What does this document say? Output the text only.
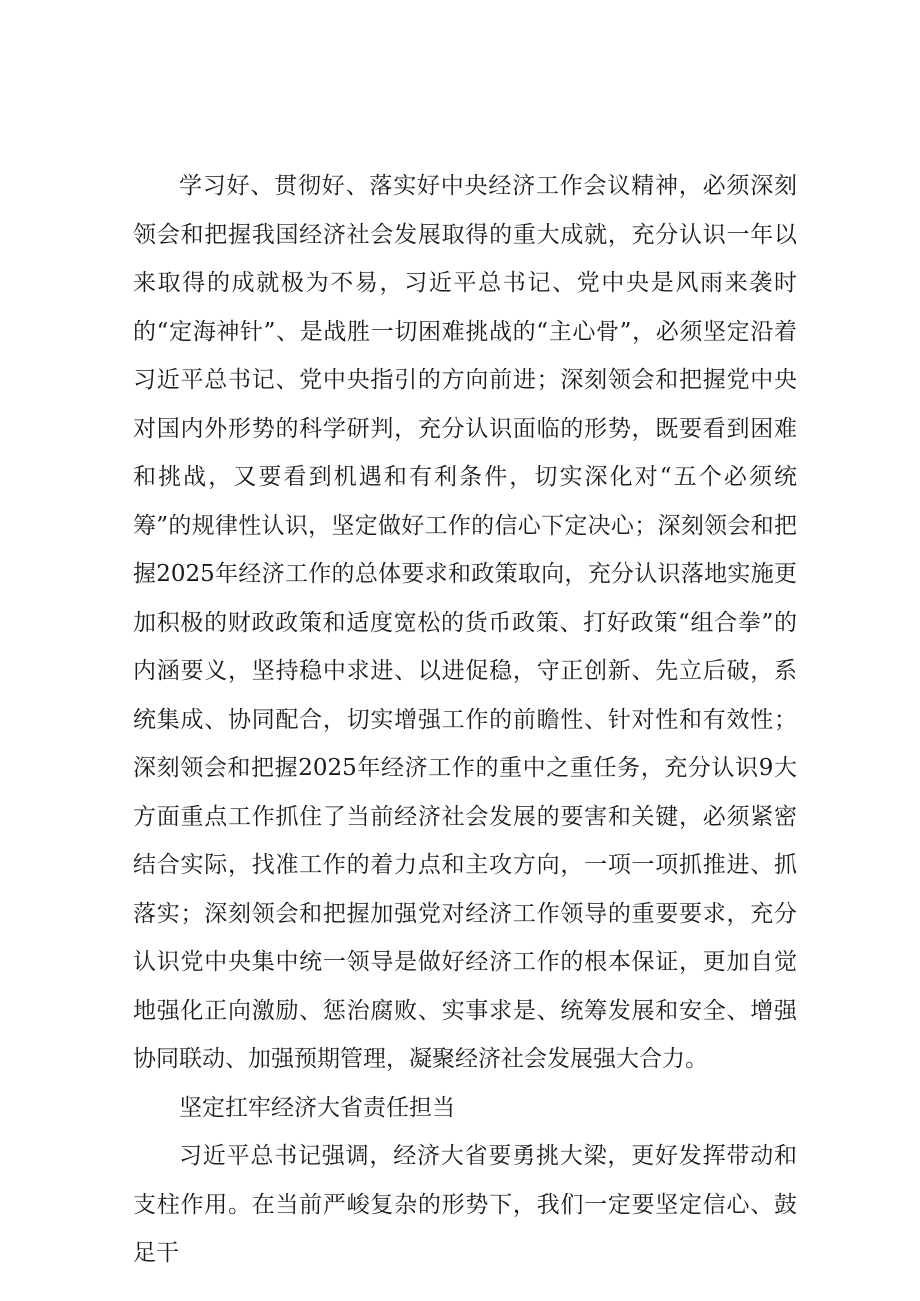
学习好、贯彻好、落实好中央经济工作会议精神，必须深刻领会和把握我国经济社会发展取得的重大成就，充分认识一年以来取得的成就极为不易，习近平总书记、党中央是风雨来袭时的“定海神针”、是战胜一切困难挑战的“主心骨”，必须坚定沿着习近平总书记、党中央指引的方向前进；深刻领会和把握党中央对国内外形势的科学研判，充分认识面临的形势，既要看到困难和挑战，又要看到机遇和有利条件，切实深化对“五个必须统筹”的规律性认识，坚定做好工作的信心下定决心；深刻领会和把握2025年经济工作的总体要求和政策取向，充分认识落地实施更加积极的财政政策和适度宽松的货币政策、打好政策“组合拳”的内涵要义，坚持稳中求进、以进促稳，守正创新、先立后破，系统集成、协同配合，切实增强工作的前瞻性、针对性和有效性；深刻领会和把握2025年经济工作的重中之重任务，充分认识9大方面重点工作抓住了当前经济社会发展的要害和关键，必须紧密结合实际，找准工作的着力点和主攻方向，一项一项抓推进、抓落实；深刻领会和把握加强党对经济工作领导的重要要求，充分认识党中央集中统一领导是做好经济工作的根本保证，更加自觉地强化正向激励、惩治腐败、实事求是、统筹发展和安全、增强协同联动、加强预期管理，凝聚经济社会发展强大合力。

坚定扛牢经济大省责任担当

习近平总书记强调，经济大省要勇挑大梁，更好发挥带动和支柱作用。在当前严峻复杂的形势下，我们一定要坚定信心、鼓足干
